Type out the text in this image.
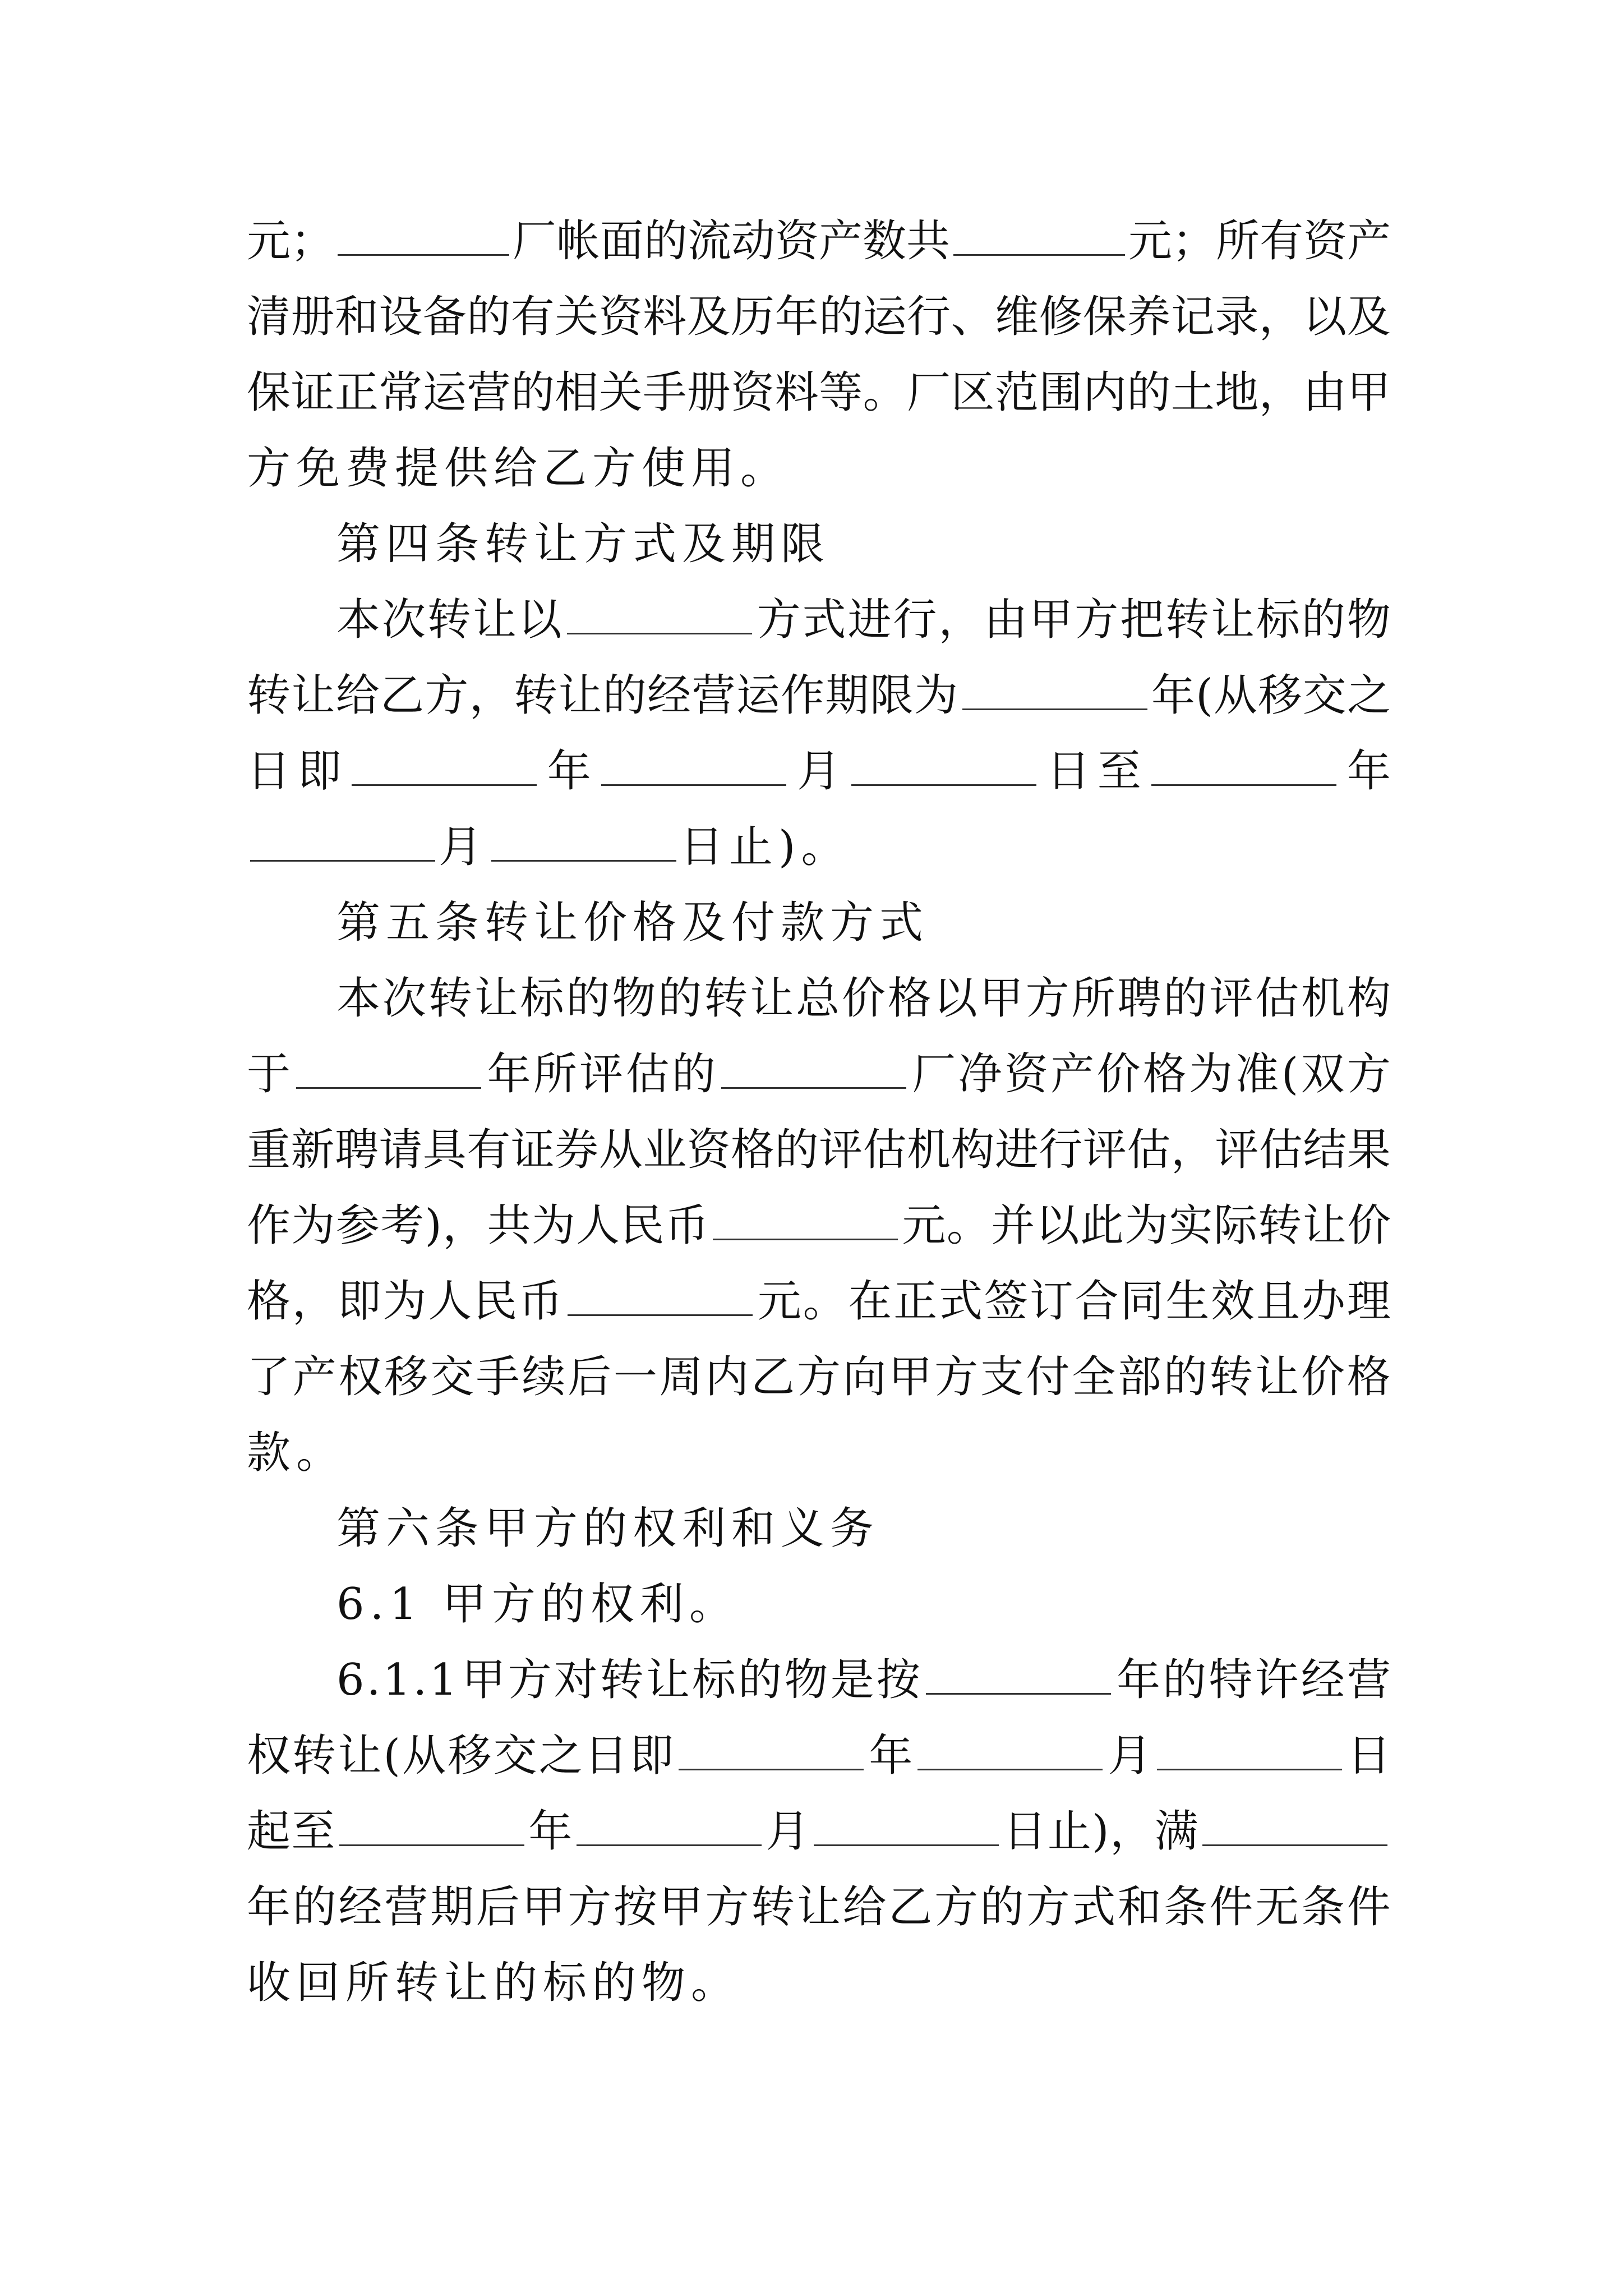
元 ；	厂 帐 面 的 流 动 资 产 数 共	元 ； 所 有 资 产
清 册 和 设 备 的 有 关 资 料 及 历 年 的 运 行 、 维 修 保 养 记 录 ， 以 及
保 证 正 常 运 营 的 相 关 手 册 资 料 等 。 厂 区 范 围 内 的 土 地 ， 由 甲
方免费提供给乙方使用。
第四条转让方式及期限
本 次 转 让 以	方 式 进 行 ， 由 甲 方 把 转 让 标 的 物
转 让 给 乙 方 ， 转 让 的 经 营 运 作 期 限 为	年 ( 从 移 交 之
日 即	年	月	日 至	年
月	日止)。
第五条转让价格及付款方式
本 次 转 让 标 的 物 的 转 让 总 价 格 以 甲 方 所 聘 的 评 估 机 构
于	年 所 评 估 的	厂 净 资 产 价 格 为 准 ( 双 方
重 新 聘 请 具 有 证 券 从 业 资 格 的 评 估 机 构 进 行 评 估 ， 评 估 结 果
作 为 参 考 ) ， 共 为 人 民 币	元 。 并 以 此 为 实 际 转 让 价
格 ， 即 为 人 民 币	元 。 在 正 式 签 订 合 同 生 效 且 办 理
了 产 权 移 交 手 续 后 一 周 内 乙 方 向 甲 方 支 付 全 部 的 转 让 价 格
款。
第六条甲方的权利和义务
6.1 甲方的权利。
6 . 1 . 1 甲 方 对 转 让 标 的 物 是 按	年 的 特 许 经 营
权 转 让 ( 从 移 交 之 日 即	年	月	日
起 至	年	月	日 止 ) ， 满
年 的 经 营 期 后 甲 方 按 甲 方 转 让 给 乙 方 的 方 式 和 条 件 无 条 件
收回所转让的标的物。
